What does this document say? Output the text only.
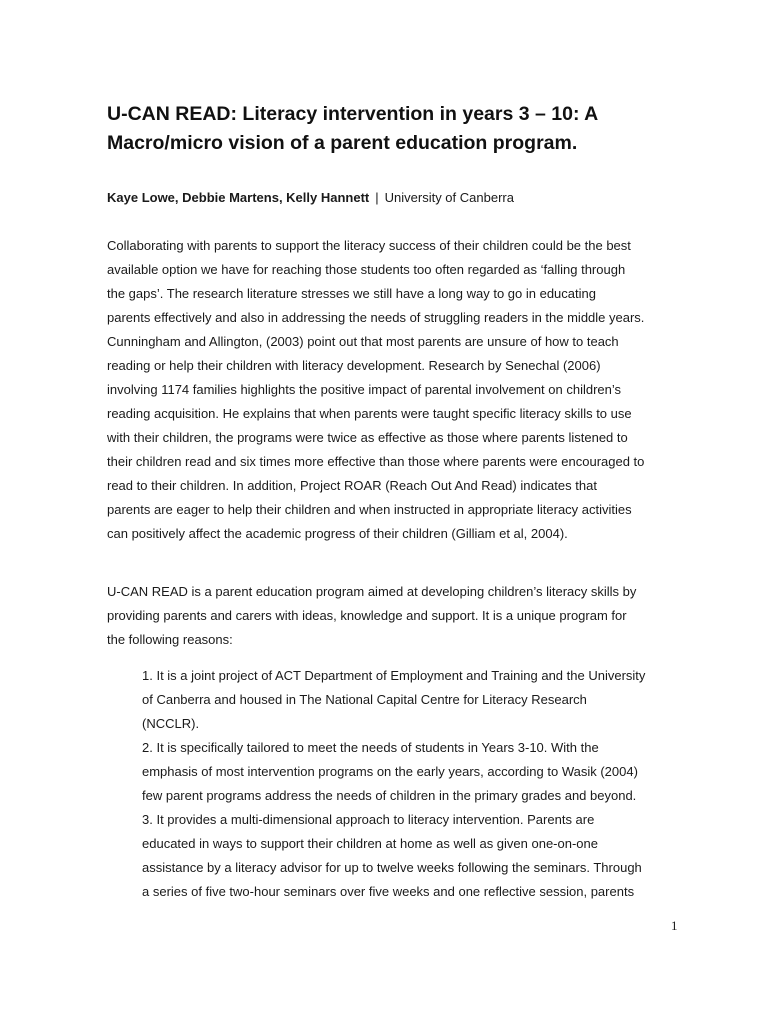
U-CAN READ: Literacy intervention in years 3 – 10: A
Macro/micro vision of a parent education program.
Kaye Lowe, Debbie Martens, Kelly Hannett | University of Canberra

Collaborating with parents to support the literacy success of their children could be the best
available option we have for reaching those students too often regarded as ‘falling through
the gaps’. The research literature stresses we still have a long way to go in educating
parents effectively and also in addressing the needs of struggling readers in the middle years.
Cunningham and Allington, (2003) point out that most parents are unsure of how to teach
reading or help their children with literacy development. Research by Senechal (2006)
involving 1174 families highlights the positive impact of parental involvement on children’s
reading acquisition. He explains that when parents were taught specific literacy skills to use
with their children, the programs were twice as effective as those where parents listened to
their children read and six times more effective than those where parents were encouraged to
read to their children. In addition, Project ROAR (Reach Out And Read) indicates that
parents are eager to help their children and when instructed in appropriate literacy activities
can positively affect the academic progress of their children (Gilliam et al, 2004).

U-CAN READ is a parent education program aimed at developing children’s literacy skills by
providing parents and carers with ideas, knowledge and support. It is a unique program for
the following reasons:

1. It is a joint project of ACT Department of Employment and Training and the University
of Canberra and housed in The National Capital Centre for Literacy Research
(NCCLR).
2. It is specifically tailored to meet the needs of students in Years 3-10. With the
emphasis of most intervention programs on the early years, according to Wasik (2004)
few parent programs address the needs of children in the primary grades and beyond.
3. It provides a multi-dimensional approach to literacy intervention. Parents are
educated in ways to support their children at home as well as given one-on-one
assistance by a literacy advisor for up to twelve weeks following the seminars. Through
a series of five two-hour seminars over five weeks and one reflective session, parents
1
